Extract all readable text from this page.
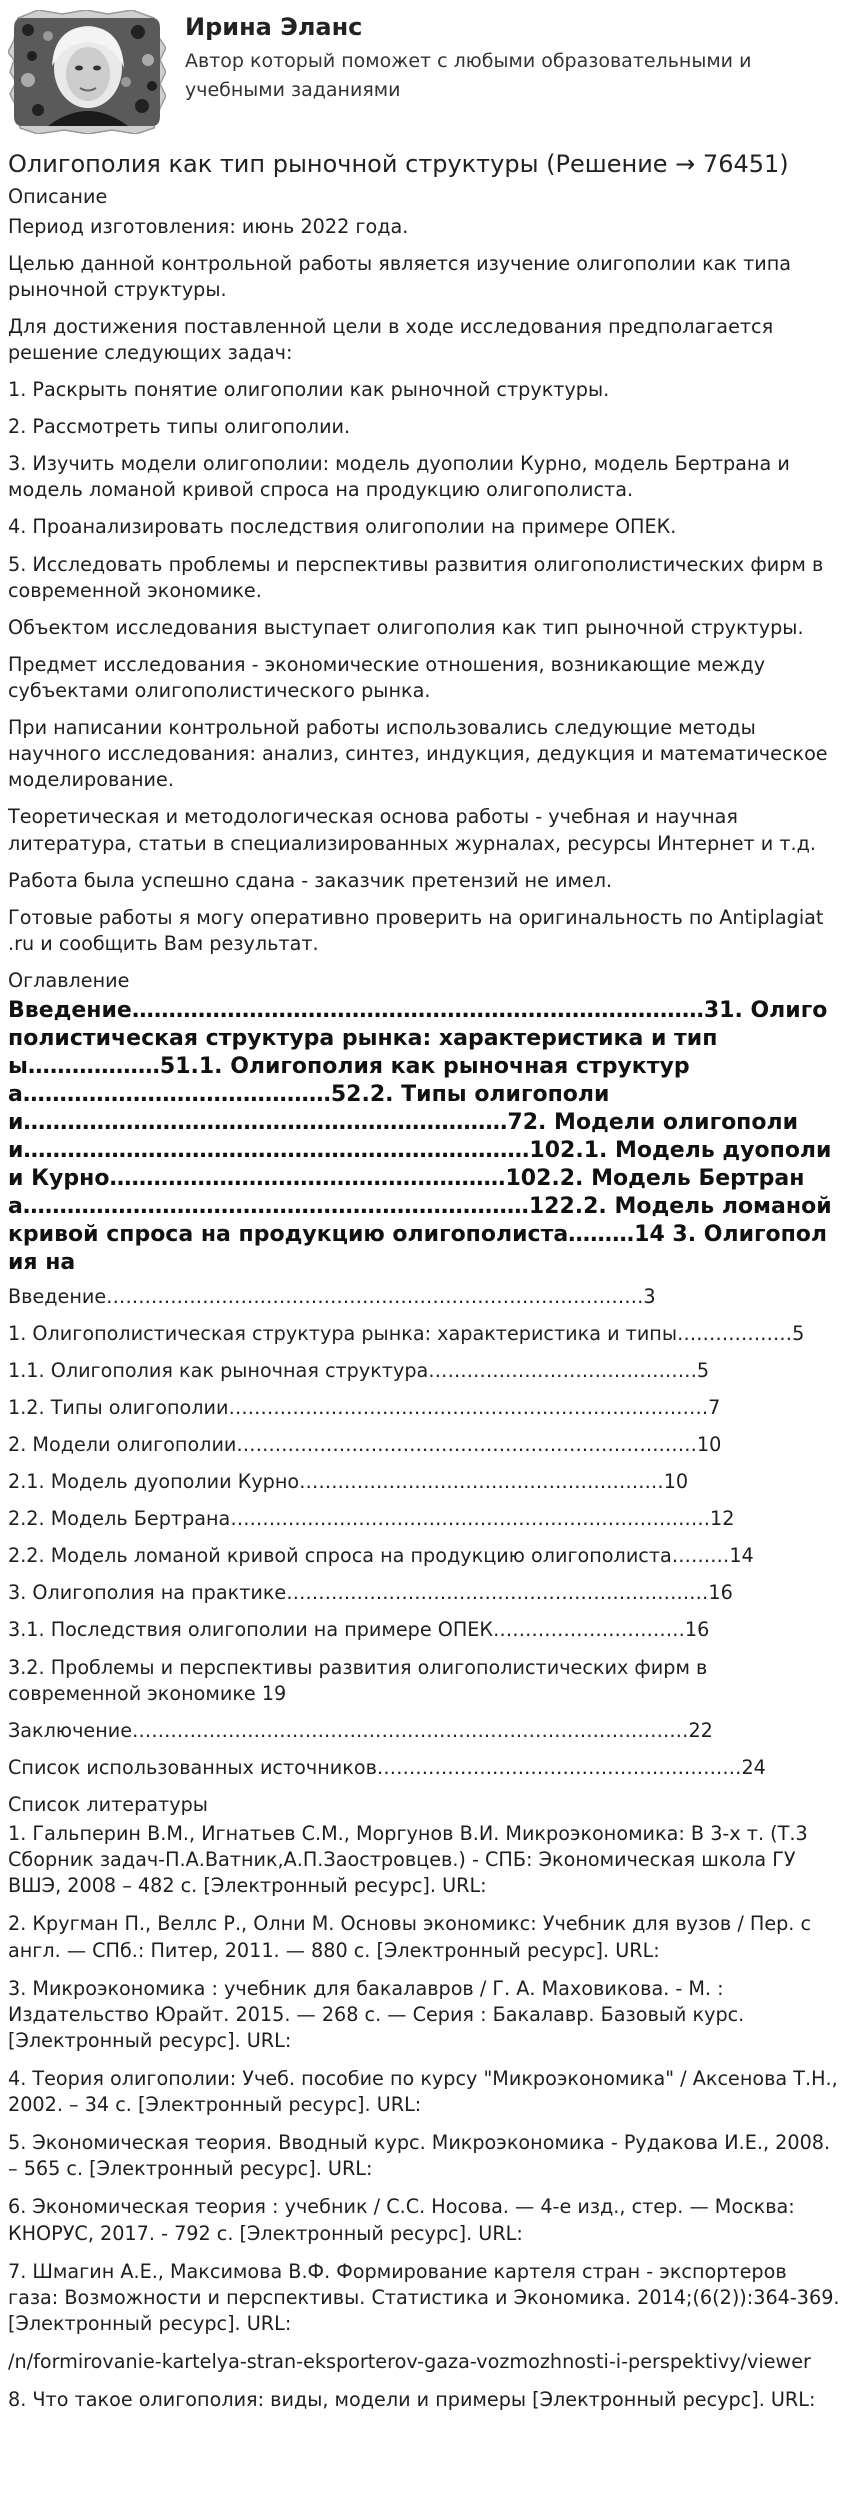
Ирина Эланс
Автор который поможет с любыми образовательными и учебными заданиями
Олигополия как тип рыночной структуры (Решение → 76451)
Описание

Период изготовления: июнь 2022 года.

Целью данной контрольной работы является изучение олигополии как типа рыночной структуры.

Для достижения поставленной цели в ходе исследования предполагается решение следующих задач:

1. Раскрыть понятие олигополии как рыночной структуры.

2. Рассмотреть типы олигополии.

3. Изучить модели олигополии: модель дуополии Курно, модель Бертрана и модель ломаной кривой спроса на продукцию олигополиста.

4. Проанализировать последствия олигополии на примере ОПЕК.

5. Исследовать проблемы и перспективы развития олигополистических фирм в современной экономике.

Объектом исследования выступает олигополия как тип рыночной структуры.

Предмет исследования - экономические отношения, возникающие между субъектами олигополистического рынка.

При написании контрольной работы использовались следующие методы научного исследования: анализ, синтез, индукция, дедукция и математическое моделирование.

Теоретическая и методологическая основа работы - учебная и научная литература, статьи в специализированных журналах, ресурсы Интернет и т.д.

Работа была успешно сдана - заказчик претензий не имел.

Готовые работы я могу оперативно проверить на оригинальность по Antiplagiat .ru и сообщить Вам результат.

Оглавление
Введение……………………………………………………………………31. Олигополистическая структура рынка: характеристика и типы………………51.1. Олигополия как рыночная структура……………………………………52.2. Типы олигополии…………………………………………………………72. Модели олигополии……………………………………………………………102.1. Модель дуополии Курно………………………………………………102.2. Модель Бертрана……………………………………………………………122.2. Модель ломаной кривой спроса на продукцию олигополиста………14 3. Олигополия на

Введение…………………………………………………………………………3

1. Олигополистическая структура рынка: характеристика и типы………………5

1.1. Олигополия как рыночная структура……………………………………5

1.2. Типы олигополии…………………………………………………………………7

2. Модели олигополии………………………………………………………………10

2.1. Модель дуополии Курно…………………………………………………10

2.2. Модель Бертрана…………………………………………………………………12

2.2. Модель ломаной кривой спроса на продукцию олигополиста………14

3. Олигополия на практике…………………………………………………………16

3.1. Последствия олигополии на примере ОПЕК…………………………16

3.2. Проблемы и перспективы развития олигополистических фирм в современной экономике 19

Заключение……………………………………………………………………………22

Список использованных источников…………………………………………………24

Список литературы

1. Гальперин В.М., Игнатьев С.М., Моргунов В.И. Микроэкономика: В 3-х т. (Т.3 Сборник задач-П.А.Ватник,А.П.Заостровцев.) - СПБ: Экономическая школа ГУ ВШЭ, 2008 – 482 с. [Электронный ресурс]. URL:

2. Кругман П., Веллс Р., Олни М. Основы экономикс: Учебник для вузов / Пер. с англ. — СПб.: Питер, 2011. — 880 с. [Электронный ресурс]. URL:

3. Микроэкономика : учебник для бакалавров / Г. А. Маховикова. - М. : Издательство Юрайт. 2015. — 268 с. — Серия : Бакалавр. Базовый курс. [Электронный ресурс]. URL:

4. Теория олигополии: Учеб. пособие по курсу "Микроэкономика" / Аксенова Т.Н., 2002. – 34 с. [Электронный ресурс]. URL:

5. Экономическая теория. Вводный курс. Микроэкономика - Рудакова И.Е., 2008. – 565 с. [Электронный ресурс]. URL:

6. Экономическая теория : учебник / С.С. Носова. — 4-е изд., стер. — Москва: КНОРУС, 2017. - 792 с. [Электронный ресурс]. URL:

7. Шмагин А.Е., Максимова В.Ф. Формирование картеля стран - экспортеров газа: Возможности и перспективы. Статистика и Экономика. 2014;(6(2)):364-369. [Электронный ресурс]. URL:

/n/formirovanie-kartelya-stran-eksporterov-gaza-vozmozhnosti-i-perspektivy/viewer

8. Что такое олигополия: виды, модели и примеры [Электронный ресурс]. URL:
